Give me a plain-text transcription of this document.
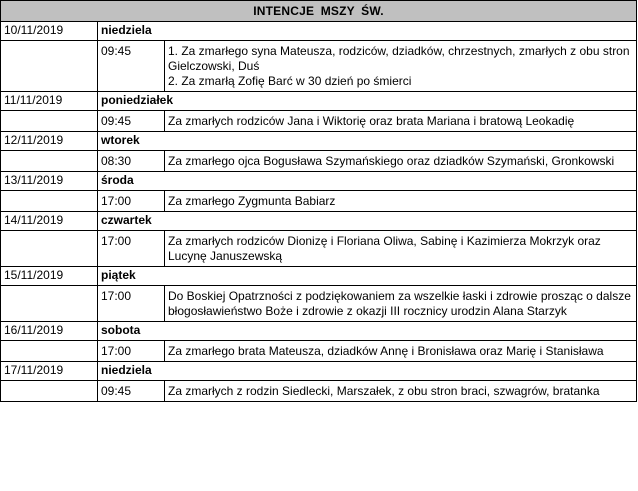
INTENCJE MSZY ŚW.		
10/11/2019	niedziela	
	09:45	1. Za zmarłego syna Mateusza, rodziców, dziadków, chrzestnych, zmarłych z obu stron Gielczowski, Duś
2. Za zmarłą Zofię Barć w 30 dzień po śmierci

11/11/2019	poniedziałek	
	09:45	Za zmarłych rodziców Jana i Wiktorię oraz brata Mariana i bratową Leokadię

12/11/2019	wtorek	
	08:30	Za zmarłego ojca Bogusława Szymańskiego oraz dziadków Szymański, Gronkowski

13/11/2019	środa	
	17:00	Za zmarłego Zygmunta Babiarz

14/11/2019	czwartek	
	17:00	Za zmarłych rodziców Dionizę i Floriana Oliwa, Sabinę i Kazimierza Mokrzyk oraz Lucynę Januszewską

15/11/2019	piątek	
	17:00	Do Boskiej Opatrzności z podziękowaniem za wszelkie łaski i zdrowie prosząc o dalsze błogosławieństwo Boże i zdrowie z okazji III rocznicy urodzin Alana Starzyk

16/11/2019	sobota	
	17:00	Za zmarłego brata Mateusza, dziadków Annę i Bronisława oraz Marię i Stanisława

17/11/2019	niedziela	
	09:45	Za zmarłych z rodzin Siedlecki, Marszałek, z obu stron braci, szwagrów, bratanka
